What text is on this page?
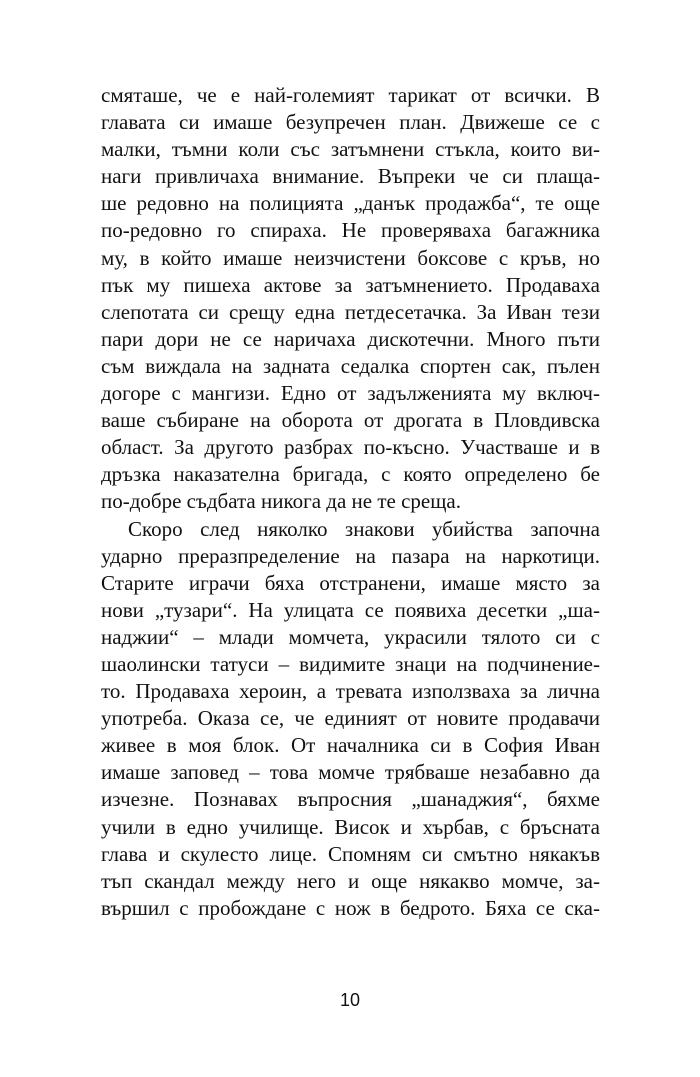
смяташе, че е най-големият тарикат от всички. В
главата си имаше безупречен план. Движеше се с
малки, тъмни коли със затъмнени стъкла, които ви-
наги привличаха внимание. Въпреки че си плаща-
ше редовно на полицията „данък продажба“, те още
по-редовно го спираха. Не проверяваха багажника
му, в който имаше неизчистени боксове с кръв, но
пък му пишеха актове за затъмнението. Продаваха
слепотата си срещу една петдесетачка. За Иван тези
пари дори не се наричаха дискотечни. Много пъти
съм виждала на задната седалка спортен сак, пълен
догоре с мангизи. Едно от задълженията му включ-
ваше събиране на оборота от дрогата в Пловдивска
област. За другото разбрах по-късно. Участваше и в
дръзка наказателна бригада, с която определено бе
по-добре съдбата никога да не те среща.
Скоро след няколко знакови убийства започна
ударно преразпределение на пазара на наркотици.
Старите играчи бяха отстранени, имаше място за
нови „тузари“. На улицата се появиха десетки „ша-
наджии“ – млади момчета, украсили тялото си с
шаолински татуси – видимите знаци на подчинение-
то. Продаваха хероин, а тревата използваха за лична
употреба. Оказа се, че единият от новите продавачи
живее в моя блок. От началника си в София Иван
имаше заповед – това момче трябваше незабавно да
изчезне. Познавах въпросния „шанаджия“, бяхме
учили в едно училище. Висок и хърбав, с бръсната
глава и скулесто лице. Спомням си смътно някакъв
тъп скандал между него и още някакво момче, за-
вършил с пробождане с нож в бедрото. Бяха се ска-
10
